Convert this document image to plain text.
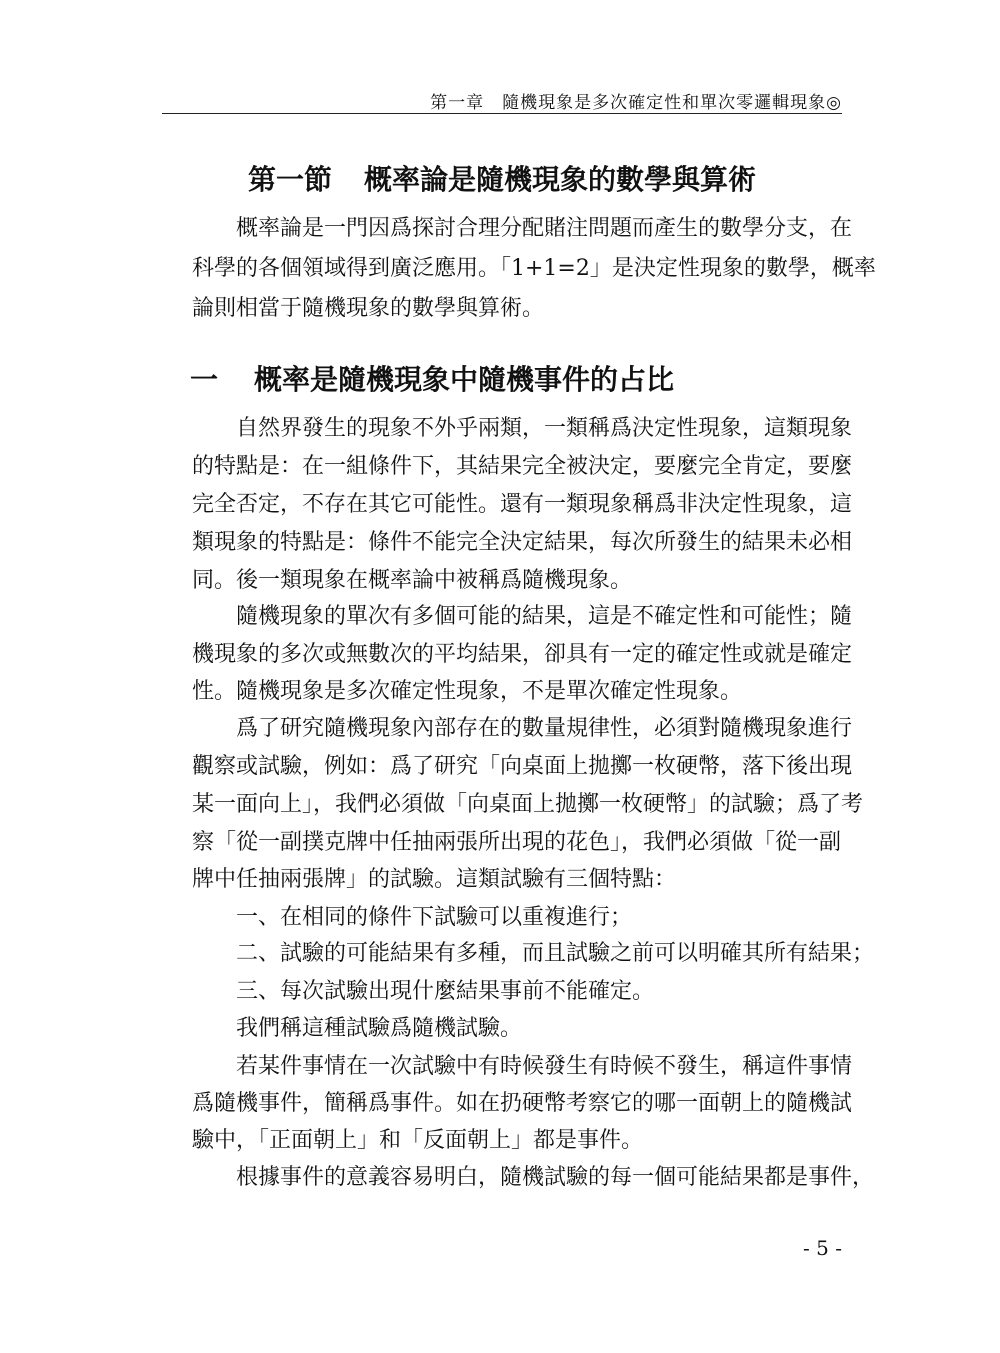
第一章　隨機現象是多次確定性和單次零邏輯現象◎
第一節 概率論是隨機現象的數學與算術
　　概率論是一門因爲探討合理分配賭注問題而產生的數學分支，在
科學的各個領域得到廣泛應用。「1+1=2」是決定性現象的數學，概率
論則相當于隨機現象的數學與算術。
一 概率是隨機現象中隨機事件的占比
　　自然界發生的現象不外乎兩類，一類稱爲決定性現象，這類現象
的特點是：在一組條件下，其結果完全被決定，要麼完全肯定，要麼
完全否定，不存在其它可能性。還有一類現象稱爲非決定性現象，這
類現象的特點是：條件不能完全決定結果，每次所發生的結果未必相
同。後一類現象在概率論中被稱爲隨機現象。
　　隨機現象的單次有多個可能的結果，這是不確定性和可能性；隨
機現象的多次或無數次的平均結果，卻具有一定的確定性或就是確定
性。隨機現象是多次確定性現象，不是單次確定性現象。
　　爲了研究隨機現象內部存在的數量規律性，必須對隨機現象進行
觀察或試驗，例如：爲了研究「向桌面上拋擲一枚硬幣，落下後出現
某一面向上」，我們必須做「向桌面上拋擲一枚硬幣」的試驗；爲了考
察「從一副撲克牌中任抽兩張所出現的花色」，我們必須做「從一副
牌中任抽兩張牌」的試驗。這類試驗有三個特點：
　　一、在相同的條件下試驗可以重複進行；
　　二、試驗的可能結果有多種，而且試驗之前可以明確其所有結果；
　　三、每次試驗出現什麼結果事前不能確定。
　　我們稱這種試驗爲隨機試驗。
　　若某件事情在一次試驗中有時候發生有時候不發生，稱這件事情
爲隨機事件，簡稱爲事件。如在扔硬幣考察它的哪一面朝上的隨機試
驗中，「正面朝上」和「反面朝上」都是事件。
　　根據事件的意義容易明白，隨機試驗的每一個可能結果都是事件，
- 5 -
